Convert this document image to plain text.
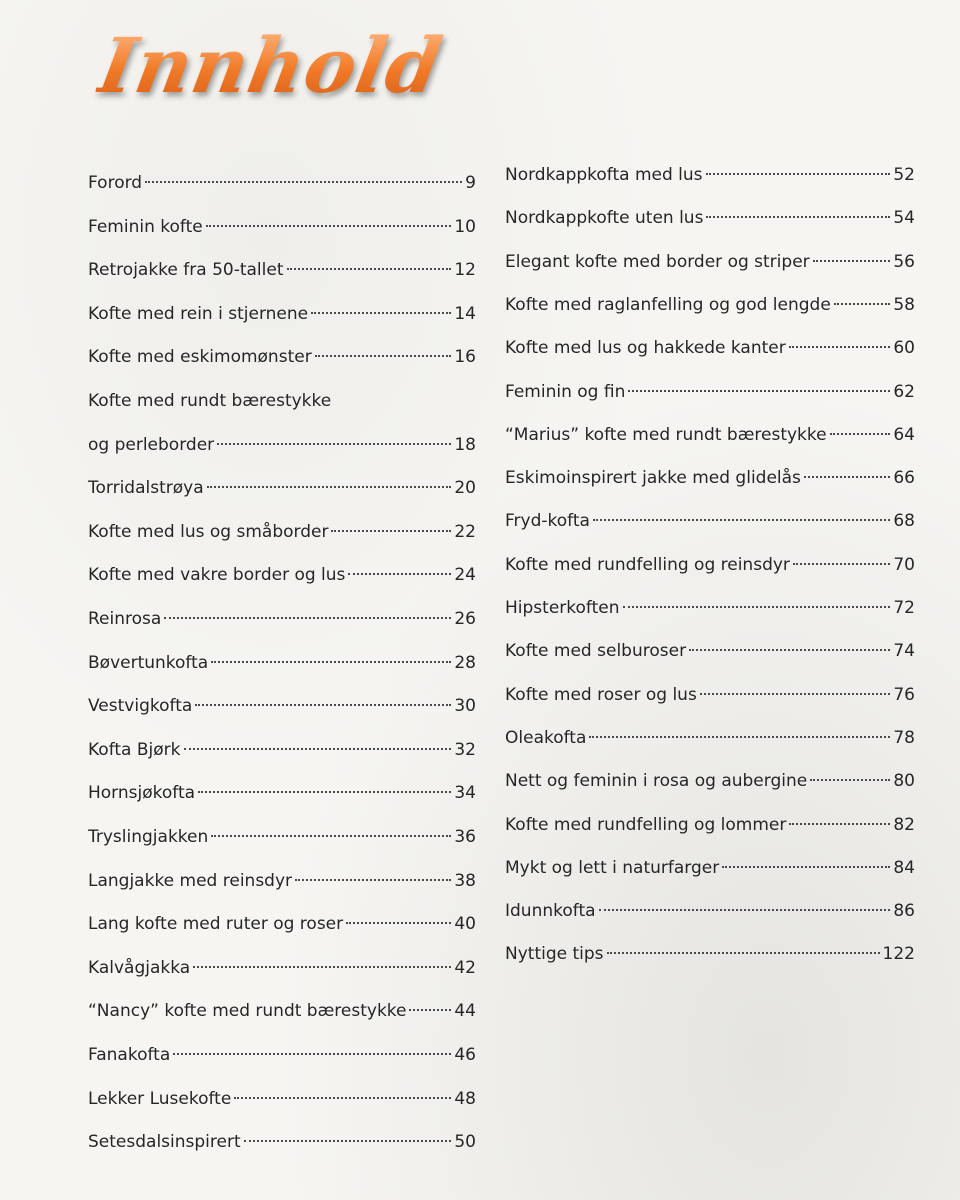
Innhold
Forord	9
Feminin kofte	10
Retrojakke fra 50-tallet	12
Kofte med rein i stjernene	14
Kofte med eskimomønster	16
Kofte med rundt bærestykke
og perleborder	18
Torridalstrøya	20
Kofte med lus og småborder	22
Kofte med vakre border og lus	24
Reinrosa	26
Bøvertunkofta	28
Vestvigkofta	30
Kofta Bjørk	32
Hornsjøkofta	34
Tryslingjakken	36
Langjakke med reinsdyr	38
Lang kofte med ruter og roser	40
Kalvågjakka	42
“Nancy” kofte med rundt bærestykke	44
Fanakofta	46
Lekker Lusekofte	48
Setesdalsinspirert	50
Nordkappkofta med lus	52
Nordkappkofte uten lus	54
Elegant kofte med border og striper	56
Kofte med raglanfelling og god lengde	58
Kofte med lus og hakkede kanter	60
Feminin og fin	62
“Marius” kofte med rundt bærestykke	64
Eskimoinspirert jakke med glidelås	66
Fryd-kofta	68
Kofte med rundfelling og reinsdyr	70
Hipsterkoften	72
Kofte med selburoser	74
Kofte med roser og lus	76
Oleakofta	78
Nett og feminin i rosa og aubergine	80
Kofte med rundfelling og lommer	82
Mykt og lett i naturfarger	84
Idunnkofta	86
Nyttige tips	122
